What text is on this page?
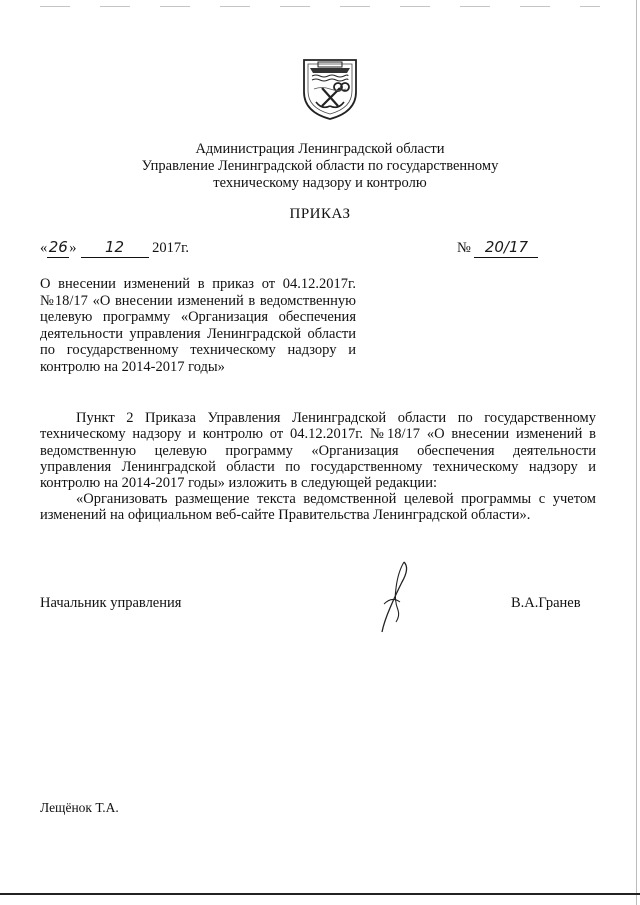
Администрация Ленинградской области
Управление Ленинградской области по государственному
техническому надзору и контролю
ПРИКАЗ
«26» 12 2017г.	№ 20/17
О внесении изменений в приказ от 04.12.2017г. №18/17 «О внесении изменений в ведомственную целевую программу «Организация обеспечения деятельности управления Ленинградской области по государственному техническому надзору и контролю на 2014-2017 годы»
Пункт 2 Приказа Управления Ленинградской области по государственному техническому надзору и контролю от 04.12.2017г. №18/17 «О внесении изменений в ведомственную целевую программу «Организация обеспечения деятельности управления Ленинградской области по государственному техническому надзору и контролю на 2014-2017 годы» изложить в следующей редакции:
«Организовать размещение текста ведомственной целевой программы с учетом изменений на официальном веб-сайте Правительства Ленинградской области».
Начальник управления	В.А.Гранев
Лещёнок Т.А.
